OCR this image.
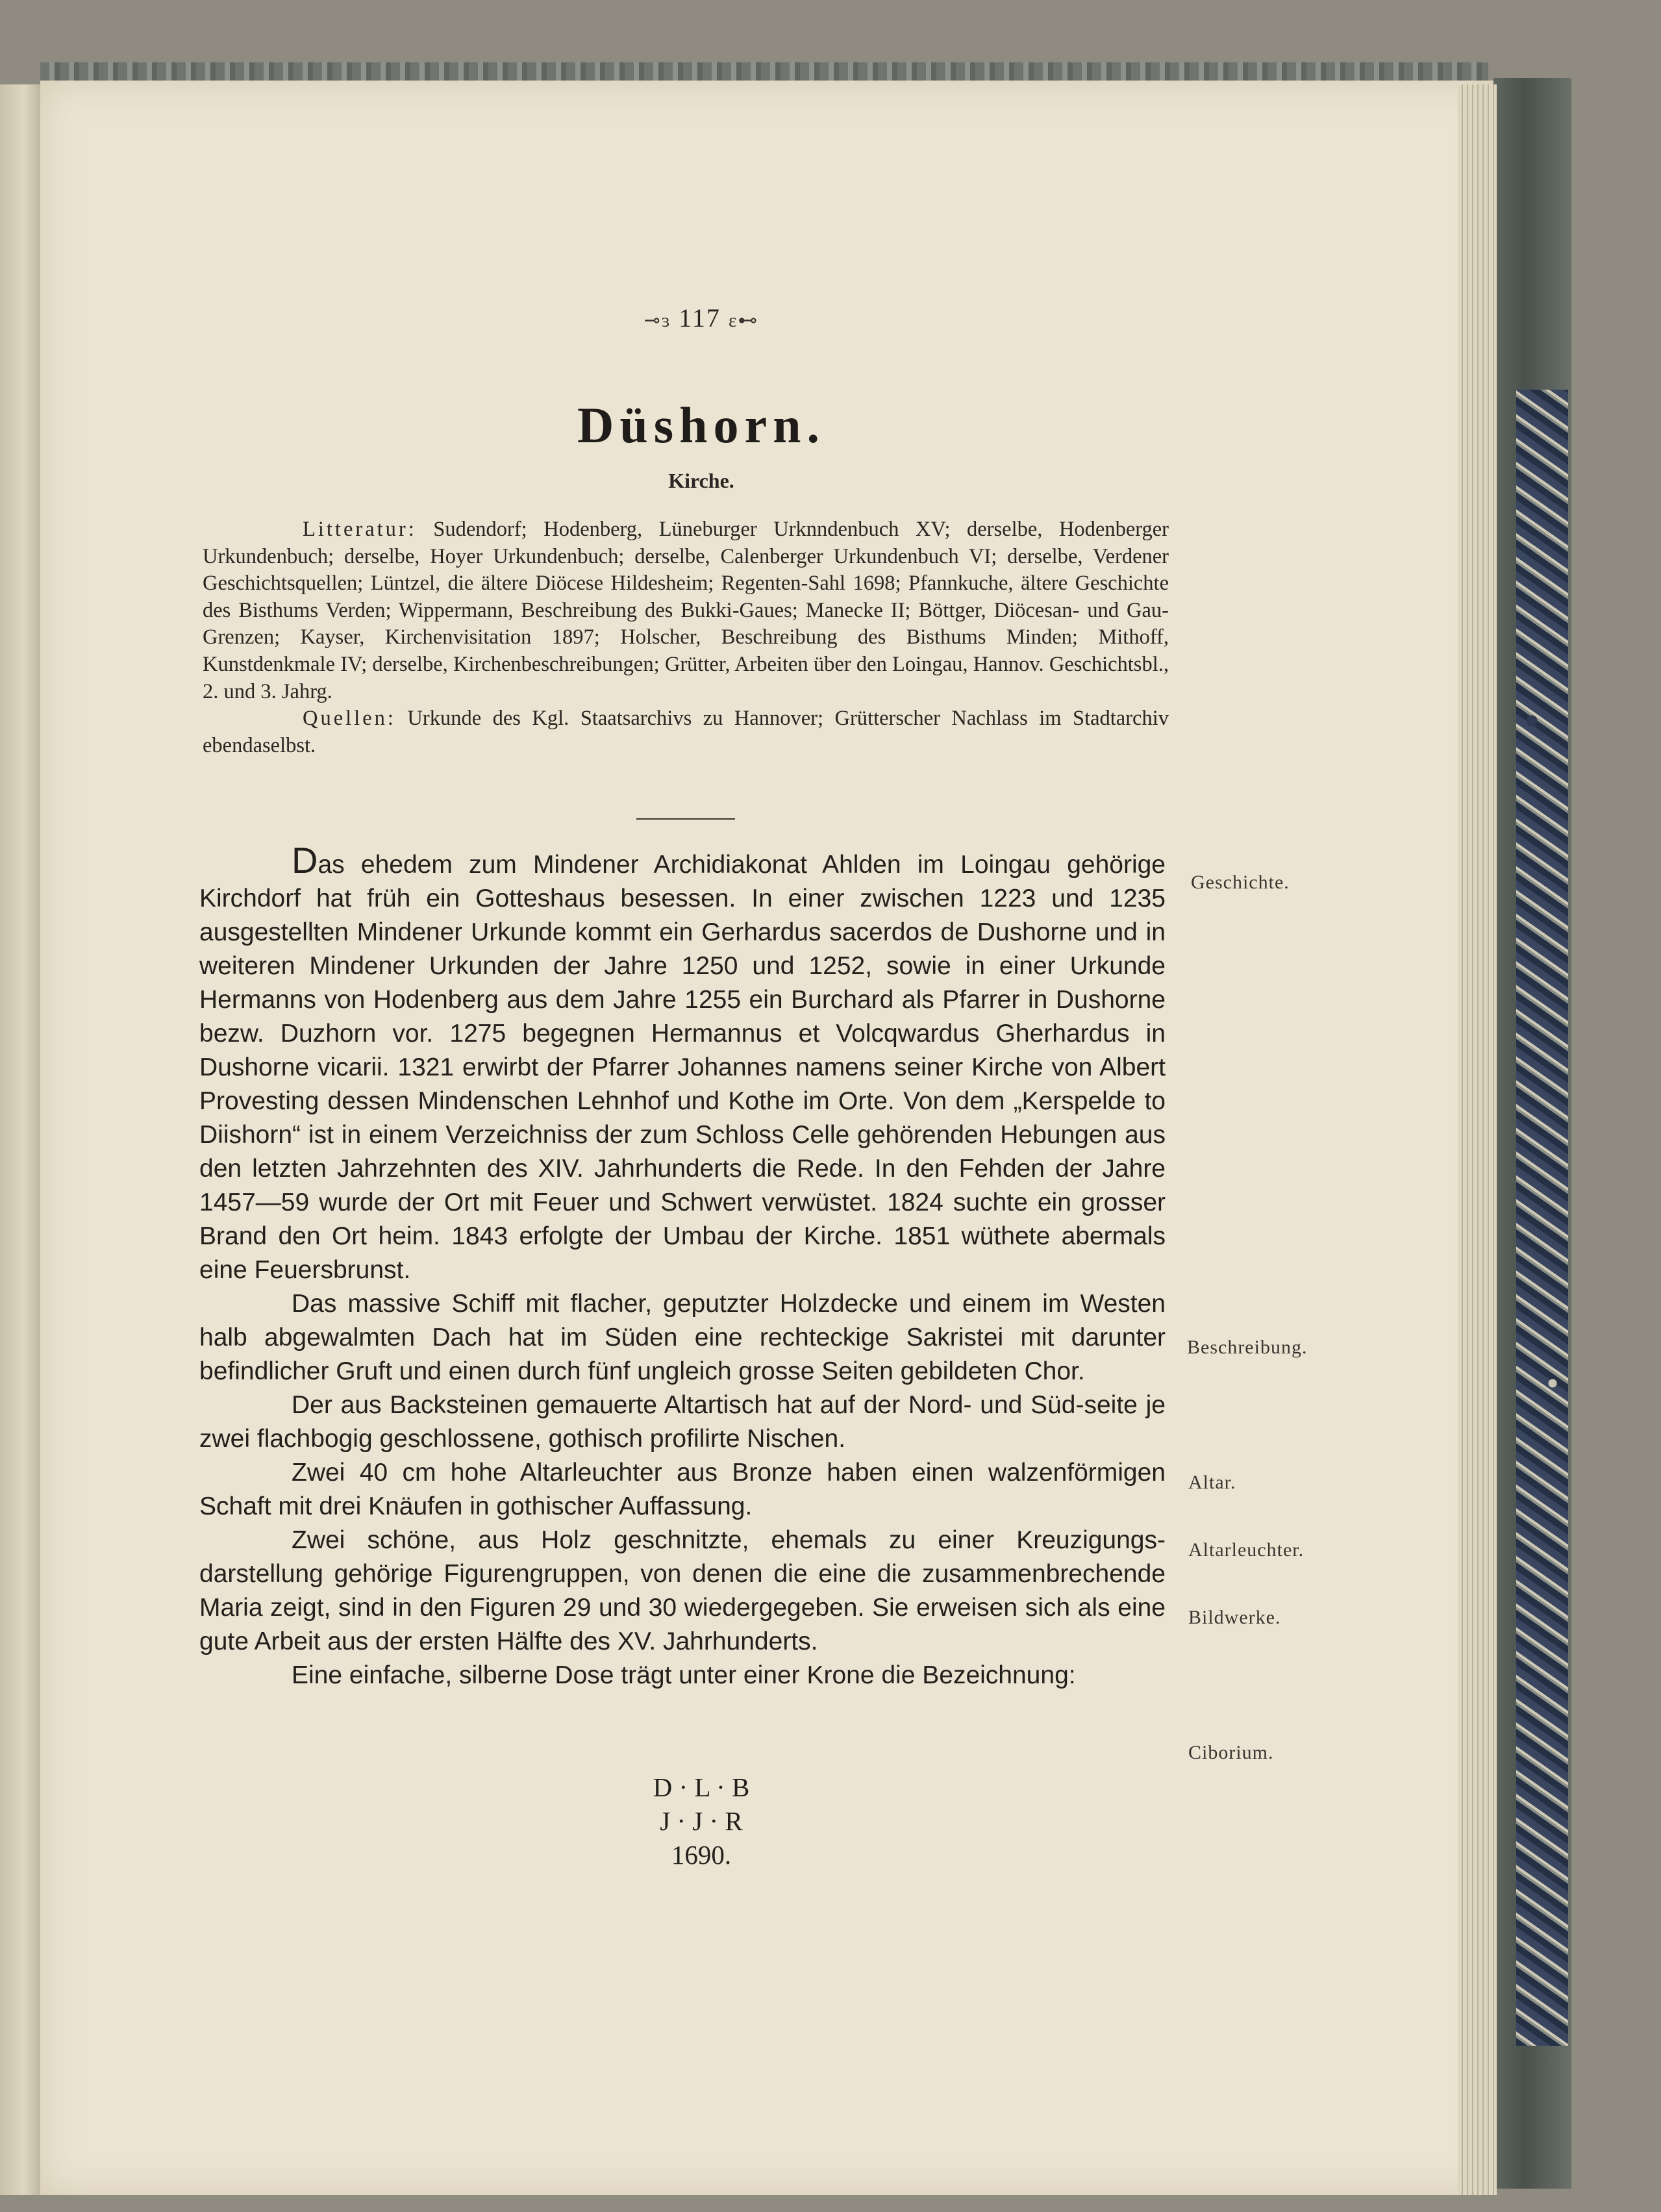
⊸ɜ 117 ɛ⊷
Düshorn.
Kirche.

Litteratur: Sudendorf; Hodenberg, Lüneburger Urknndenbuch XV; derselbe, Hodenberger Urkundenbuch; derselbe, Hoyer Urkundenbuch; derselbe, Calenberger Urkundenbuch VI; derselbe, Verdener Geschichtsquellen; Lüntzel, die ältere Diöcese Hildesheim; Regenten-Sahl 1698; Pfannkuche, ältere Geschichte des Bisthums Verden; Wippermann, Beschreibung des Bukki-Gaues; Manecke II; Böttger, Diöcesan- und Gau-Grenzen; Kayser, Kirchenvisitation 1897; Holscher, Beschreibung des Bisthums Minden; Mithoff, Kunstdenkmale IV; derselbe, Kirchenbeschreibungen; Grütter, Arbeiten über den Loingau, Hannov. Geschichtsbl., 2. und 3. Jahrg.

Quellen: Urkunde des Kgl. Staatsarchivs zu Hannover; Grütterscher Nachlass im Stadtarchiv ebendaselbst.

Das ehedem zum Mindener Archidiakonat Ahlden im Loingau gehörige Kirchdorf hat früh ein Gotteshaus besessen. In einer zwischen 1223 und 1235 ausgestellten Mindener Urkunde kommt ein Gerhardus sacerdos de Dushorne und in weiteren Mindener Urkunden der Jahre 1250 und 1252, sowie in einer Urkunde Hermanns von Hodenberg aus dem Jahre 1255 ein Burchard als Pfarrer in Dushorne bezw. Duzhorn vor. 1275 begegnen Hermannus et Volcqwardus Gherhardus in Dushorne vicarii. 1321 erwirbt der Pfarrer Johannes namens seiner Kirche von Albert Provesting dessen Mindenschen Lehnhof und Kothe im Orte. Von dem „Kerspelde to Diishorn“ ist in einem Verzeichniss der zum Schloss Celle gehörenden Hebungen aus den letzten Jahrzehnten des XIV. Jahrhunderts die Rede. In den Fehden der Jahre 1457—59 wurde der Ort mit Feuer und Schwert verwüstet. 1824 suchte ein grosser Brand den Ort heim. 1843 erfolgte der Umbau der Kirche. 1851 wüthete abermals eine Feuersbrunst.

Das massive Schiff mit flacher, geputzter Holzdecke und einem im Westen halb abgewalmten Dach hat im Süden eine rechteckige Sakristei mit darunter befindlicher Gruft und einen durch fünf ungleich grosse Seiten gebildeten Chor.

Der aus Backsteinen gemauerte Altartisch hat auf der Nord- und Süd-seite je zwei flachbogig geschlossene, gothisch profilirte Nischen.

Zwei 40 cm hohe Altarleuchter aus Bronze haben einen walzenförmigen Schaft mit drei Knäufen in gothischer Auffassung.

Zwei schöne, aus Holz geschnitzte, ehemals zu einer Kreuzigungs-darstellung gehörige Figurengruppen, von denen die eine die zusammenbrechende Maria zeigt, sind in den Figuren 29 und 30 wiedergegeben. Sie erweisen sich als eine gute Arbeit aus der ersten Hälfte des XV. Jahrhunderts.

Eine einfache, silberne Dose trägt unter einer Krone die Bezeichnung:

D · L · B
J · J · R
1690.
Geschichte.
Beschreibung.
Altar.
Altarleuchter.
Bildwerke.
Ciborium.
